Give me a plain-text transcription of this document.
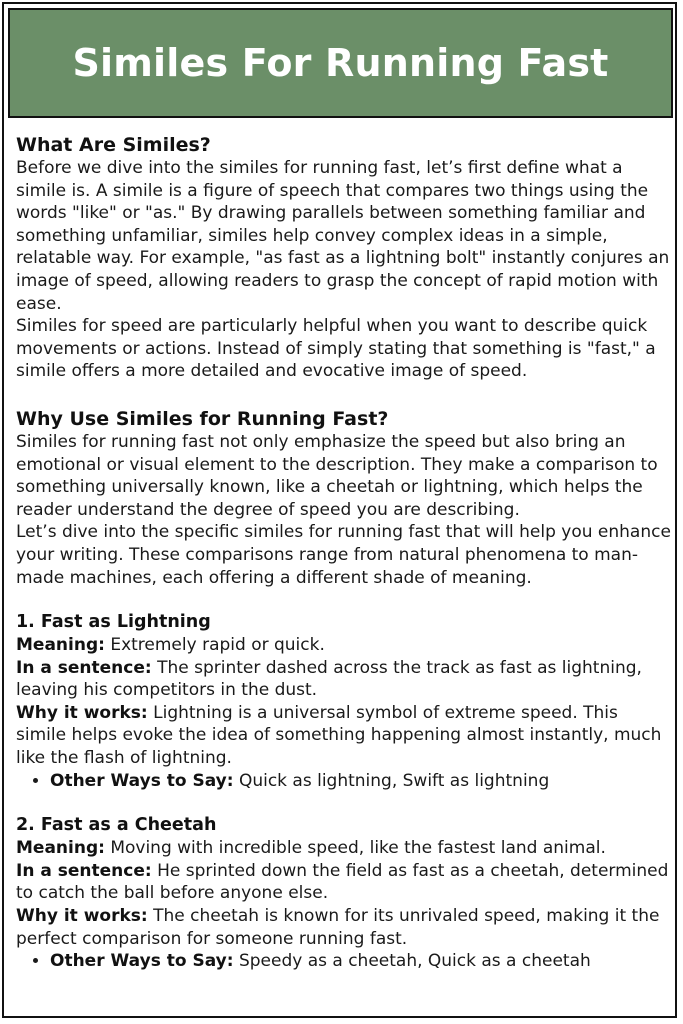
Similes For Running Fast
What Are Similes?

Before we dive into the similes for running fast, let’s first define what a simile is. A simile is a figure of speech that compares two things using the words "like" or "as." By drawing parallels between something familiar and something unfamiliar, similes help convey complex ideas in a simple, relatable way. For example, "as fast as a lightning bolt" instantly conjures an image of speed, allowing readers to grasp the concept of rapid motion with ease.

Similes for speed are particularly helpful when you want to describe quick movements or actions. Instead of simply stating that something is "fast," a simile offers a more detailed and evocative image of speed.

Why Use Similes for Running Fast?

Similes for running fast not only emphasize the speed but also bring an emotional or visual element to the description. They make a comparison to something universally known, like a cheetah or lightning, which helps the reader understand the degree of speed you are describing.

Let’s dive into the specific similes for running fast that will help you enhance your writing. These comparisons range from natural phenomena to man-made machines, each offering a different shade of meaning.

1. Fast as Lightning

Meaning: Extremely rapid or quick.

In a sentence: The sprinter dashed across the track as fast as lightning, leaving his competitors in the dust.

Why it works: Lightning is a universal symbol of extreme speed. This simile helps evoke the idea of something happening almost instantly, much like the flash of lightning.

• Other Ways to Say: Quick as lightning, Swift as lightning
2. Fast as a Cheetah

Meaning: Moving with incredible speed, like the fastest land animal.

In a sentence: He sprinted down the field as fast as a cheetah, determined to catch the ball before anyone else.

Why it works: The cheetah is known for its unrivaled speed, making it the perfect comparison for someone running fast.

• Other Ways to Say: Speedy as a cheetah, Quick as a cheetah
